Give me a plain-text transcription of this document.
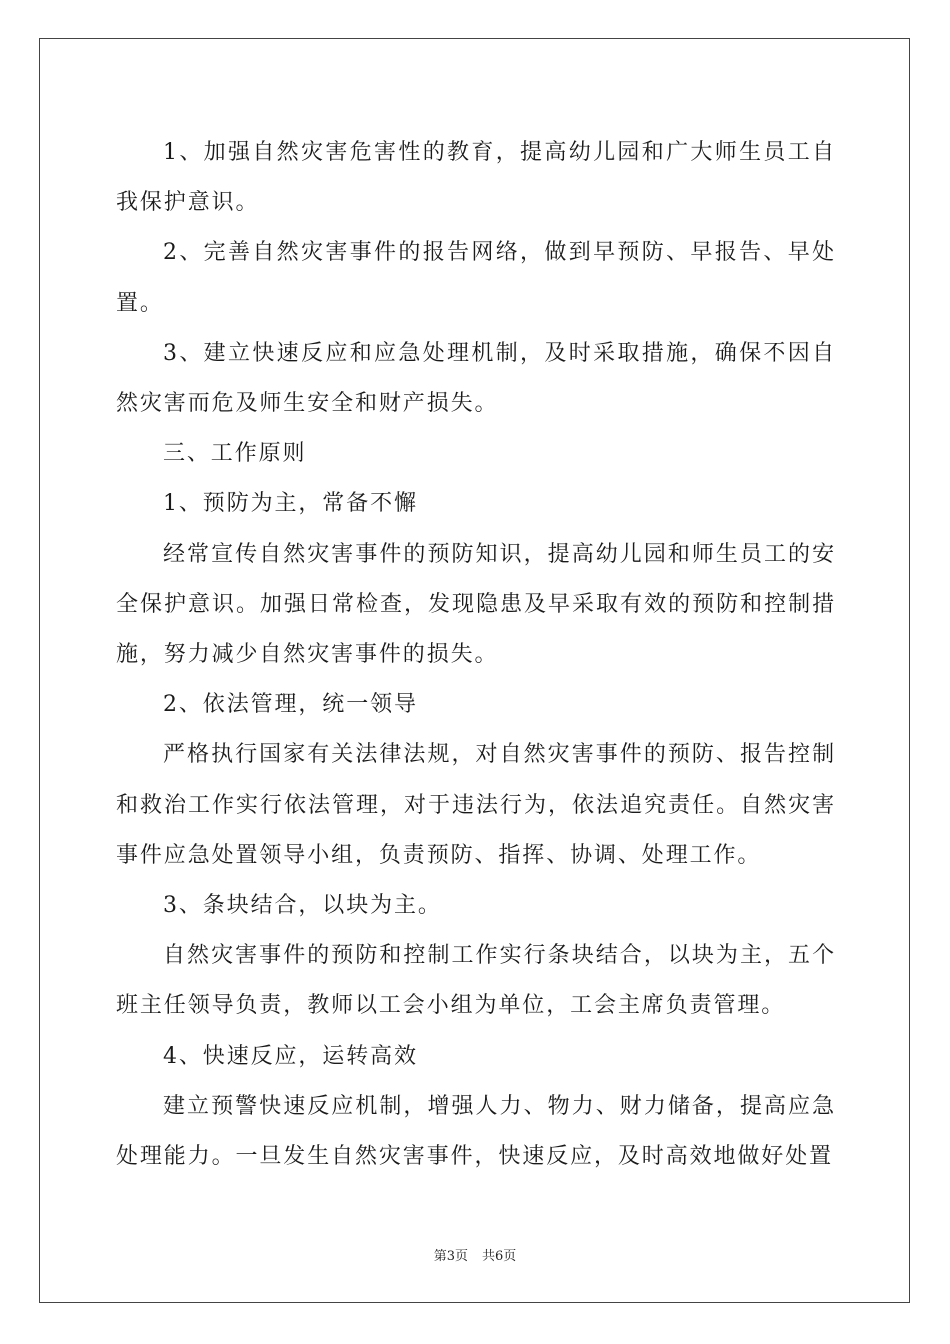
1、加强自然灾害危害性的教育，提高幼儿园和广大师生员工自我保护意识。

2、完善自然灾害事件的报告网络，做到早预防、早报告、早处置。

3、建立快速反应和应急处理机制，及时采取措施，确保不因自然灾害而危及师生安全和财产损失。

三、工作原则

1、预防为主，常备不懈

经常宣传自然灾害事件的预防知识，提高幼儿园和师生员工的安全保护意识。加强日常检查，发现隐患及早采取有效的预防和控制措施，努力减少自然灾害事件的损失。

2、依法管理，统一领导

严格执行国家有关法律法规，对自然灾害事件的预防、报告控制和救治工作实行依法管理，对于违法行为，依法追究责任。自然灾害事件应急处置领导小组，负责预防、指挥、协调、处理工作。

3、条块结合，以块为主。

自然灾害事件的预防和控制工作实行条块结合，以块为主，五个班主任领导负责，教师以工会小组为单位，工会主席负责管理。

4、快速反应，运转高效

建立预警快速反应机制，增强人力、物力、财力储备，提高应急处理能力。一旦发生自然灾害事件，快速反应，及时高效地做好处置

第3页 共6页
